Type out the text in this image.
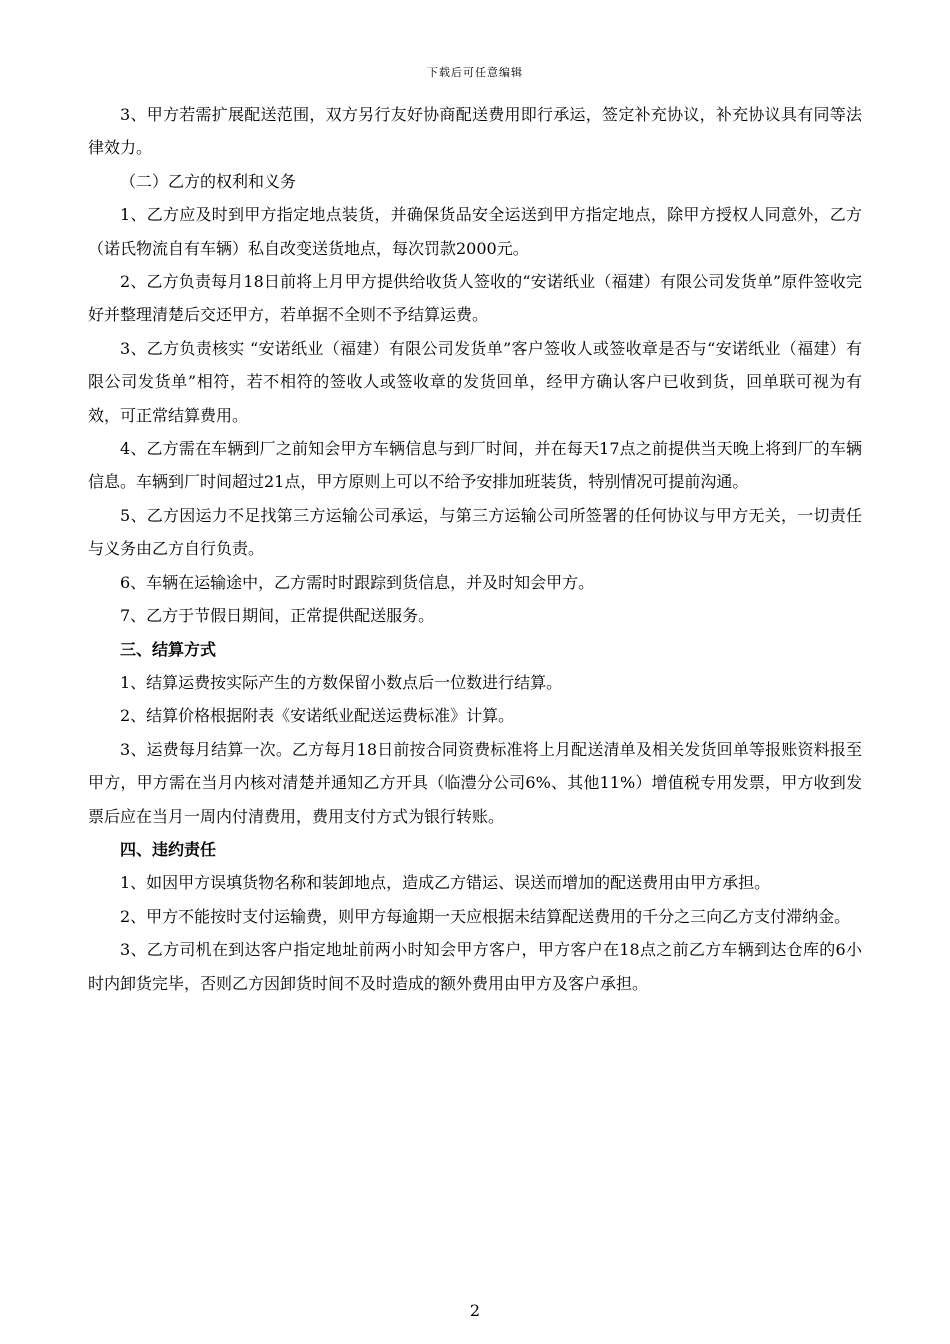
下载后可任意编辑

3、甲方若需扩展配送范围，双方另行友好协商配送费用即行承运，签定补充协议，补充协议具有同等法律效力。

（二）乙方的权利和义务

1、乙方应及时到甲方指定地点装货，并确保货品安全运送到甲方指定地点，除甲方授权人同意外，乙方（诺氏物流自有车辆）私自改变送货地点，每次罚款2000元。

2、乙方负责每月18日前将上月甲方提供给收货人签收的“安诺纸业（福建）有限公司发货单”原件签收完好并整理清楚后交还甲方，若单据不全则不予结算运费。

3、乙方负责核实 “安诺纸业（福建）有限公司发货单”客户签收人或签收章是否与“安诺纸业（福建）有限公司发货单”相符，若不相符的签收人或签收章的发货回单，经甲方确认客户已收到货，回单联可视为有效，可正常结算费用。

4、乙方需在车辆到厂之前知会甲方车辆信息与到厂时间，并在每天17点之前提供当天晚上将到厂的车辆信息。车辆到厂时间超过21点，甲方原则上可以不给予安排加班装货，特别情况可提前沟通。

5、乙方因运力不足找第三方运输公司承运，与第三方运输公司所签署的任何协议与甲方无关，一切责任与义务由乙方自行负责。

6、车辆在运输途中，乙方需时时跟踪到货信息，并及时知会甲方。

7、乙方于节假日期间，正常提供配送服务。

三、结算方式

1、结算运费按实际产生的方数保留小数点后一位数进行结算。

2、结算价格根据附表《安诺纸业配送运费标准》计算。

3、运费每月结算一次。乙方每月18日前按合同资费标准将上月配送清单及相关发货回单等报账资料报至甲方，甲方需在当月内核对清楚并通知乙方开具（临澧分公司6%、其他11%）增值税专用发票，甲方收到发票后应在当月一周内付清费用，费用支付方式为银行转账。

四、违约责任

1、如因甲方误填货物名称和装卸地点，造成乙方错运、误送而增加的配送费用由甲方承担。

2、甲方不能按时支付运输费，则甲方每逾期一天应根据未结算配送费用的千分之三向乙方支付滞纳金。

3、乙方司机在到达客户指定地址前两小时知会甲方客户，甲方客户在18点之前乙方车辆到达仓库的6小时内卸货完毕，否则乙方因卸货时间不及时造成的额外费用由甲方及客户承担。

2
